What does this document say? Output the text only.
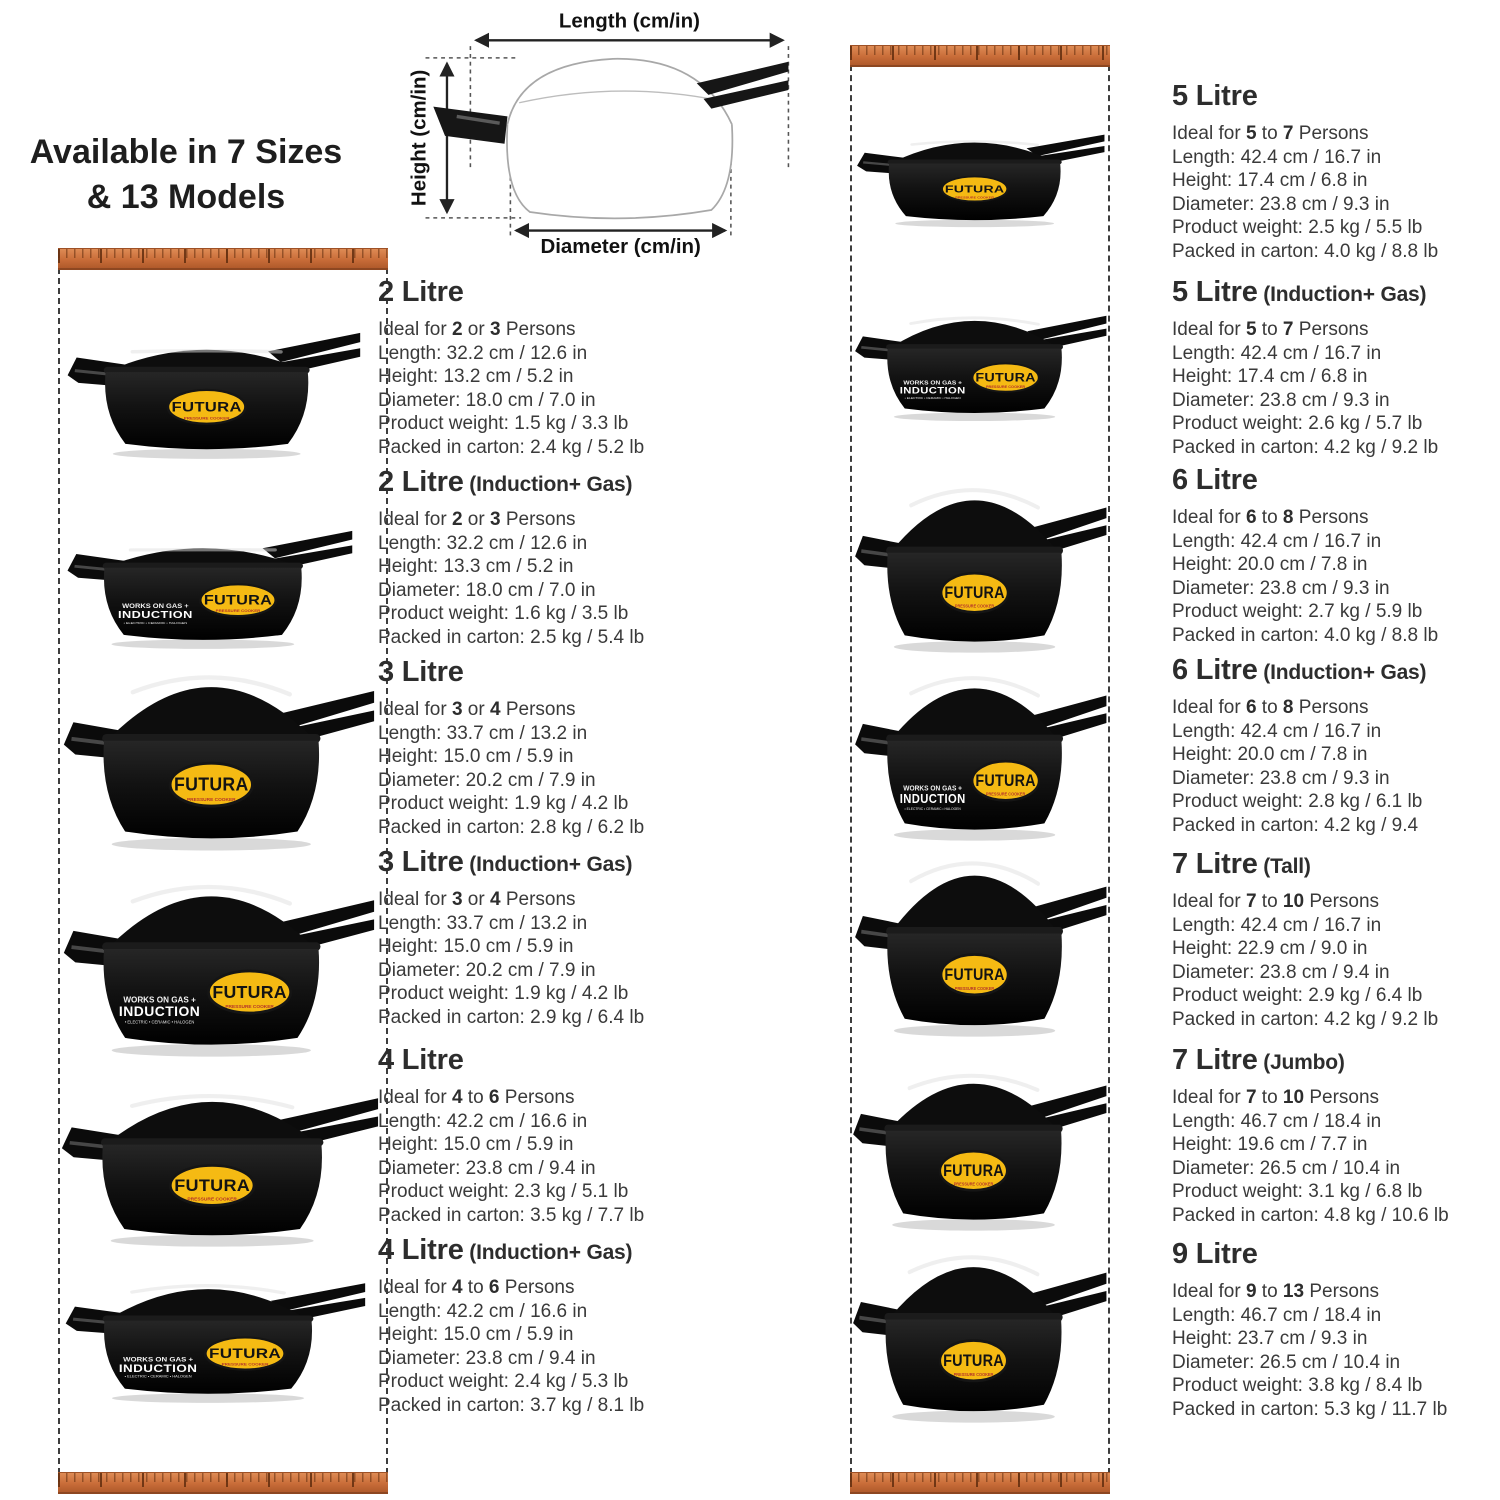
Available in 7 Sizes
& 13 Models
Length (cm/in)
Height (cm/in)
Diameter (cm/in)
2 Litre
Ideal for 2 or 3 Persons
Length: 32.2 cm / 12.6 in
Height: 13.2 cm / 5.2 in
Diameter: 18.0 cm / 7.0 in
Product weight: 1.5 kg / 3.3 lb
Packed in carton: 2.4 kg / 5.2 lb
2 Litre (Induction+ Gas)
Ideal for 2 or 3 Persons
Length: 32.2 cm / 12.6 in
Height: 13.3 cm / 5.2 in
Diameter: 18.0 cm / 7.0 in
Product weight: 1.6 kg / 3.5 lb
Packed in carton: 2.5 kg / 5.4 lb
3 Litre
Ideal for 3 or 4 Persons
Length: 33.7 cm / 13.2 in
Height: 15.0 cm / 5.9 in
Diameter: 20.2 cm / 7.9 in
Product weight: 1.9 kg / 4.2 lb
Packed in carton: 2.8 kg / 6.2 lb
3 Litre (Induction+ Gas)
Ideal for 3 or 4 Persons
Length: 33.7 cm / 13.2 in
Height: 15.0 cm / 5.9 in
Diameter: 20.2 cm / 7.9 in
Product weight: 1.9 kg / 4.2 lb
Packed in carton: 2.9 kg / 6.4 lb
4 Litre
Ideal for 4 to 6 Persons
Length: 42.2 cm / 16.6 in
Height: 15.0 cm / 5.9 in
Diameter: 23.8 cm / 9.4 in
Product weight: 2.3 kg / 5.1 lb
Packed in carton: 3.5 kg / 7.7 lb
4 Litre (Induction+ Gas)
Ideal for 4 to 6 Persons
Length: 42.2 cm / 16.6 in
Height: 15.0 cm / 5.9 in
Diameter: 23.8 cm / 9.4 in
Product weight: 2.4 kg / 5.3 lb
Packed in carton: 3.7 kg / 8.1 lb
5 Litre
Ideal for 5 to 7 Persons
Length: 42.4 cm / 16.7 in
Height: 17.4 cm / 6.8 in
Diameter: 23.8 cm / 9.3 in
Product weight: 2.5 kg / 5.5 lb
Packed in carton: 4.0 kg / 8.8 lb
5 Litre (Induction+ Gas)
Ideal for 5 to 7 Persons
Length: 42.4 cm / 16.7 in
Height: 17.4 cm / 6.8 in
Diameter: 23.8 cm / 9.3 in
Product weight: 2.6 kg / 5.7 lb
Packed in carton: 4.2 kg / 9.2 lb
6 Litre
Ideal for 6 to 8 Persons
Length: 42.4 cm / 16.7 in
Height: 20.0 cm / 7.8 in
Diameter: 23.8 cm / 9.3 in
Product weight: 2.7 kg / 5.9 lb
Packed in carton: 4.0 kg / 8.8 lb
6 Litre (Induction+ Gas)
Ideal for 6 to 8 Persons
Length: 42.4 cm / 16.7 in
Height: 20.0 cm / 7.8 in
Diameter: 23.8 cm / 9.3 in
Product weight: 2.8 kg / 6.1 lb
Packed in carton: 4.2 kg / 9.4
7 Litre (Tall)
Ideal for 7 to 10 Persons
Length: 42.4 cm / 16.7 in
Height: 22.9 cm / 9.0 in
Diameter: 23.8 cm / 9.4 in
Product weight: 2.9 kg / 6.4 lb
Packed in carton: 4.2 kg / 9.2 lb
7 Litre (Jumbo)
Ideal for 7 to 10 Persons
Length: 46.7 cm / 18.4 in
Height: 19.6 cm / 7.7 in
Diameter: 26.5 cm / 10.4 in
Product weight: 3.1 kg / 6.8 lb
Packed in carton: 4.8 kg / 10.6 lb
9 Litre
Ideal for 9 to 13 Persons
Length: 46.7 cm / 18.4 in
Height: 23.7 cm / 9.3 in
Diameter: 26.5 cm / 10.4 in
Product weight: 3.8 kg / 8.4 lb
Packed in carton: 5.3 kg / 11.7 lb
FUTURA
PRESSURE COOKER
WORKS ON GAS +
INDUCTION
• ELECTRIC • CERAMIC • HALOGEN
FUTURA
PRESSURE COOKER
FUTURA
PRESSURE COOKER
WORKS ON GAS +
INDUCTION
• ELECTRIC • CERAMIC • HALOGEN
FUTURA
PRESSURE COOKER
FUTURA
PRESSURE COOKER
WORKS ON GAS +
INDUCTION
• ELECTRIC • CERAMIC • HALOGEN
FUTURA
PRESSURE COOKER
FUTURA
PRESSURE COOKER
WORKS ON GAS +
INDUCTION
• ELECTRIC • CERAMIC • HALOGEN
FUTURA
PRESSURE COOKER
FUTURA
PRESSURE COOKER
WORKS ON GAS +
INDUCTION
• ELECTRIC • CERAMIC • HALOGEN
FUTURA
PRESSURE COOKER
FUTURA
PRESSURE COOKER
FUTURA
PRESSURE COOKER
FUTURA
PRESSURE COOKER
